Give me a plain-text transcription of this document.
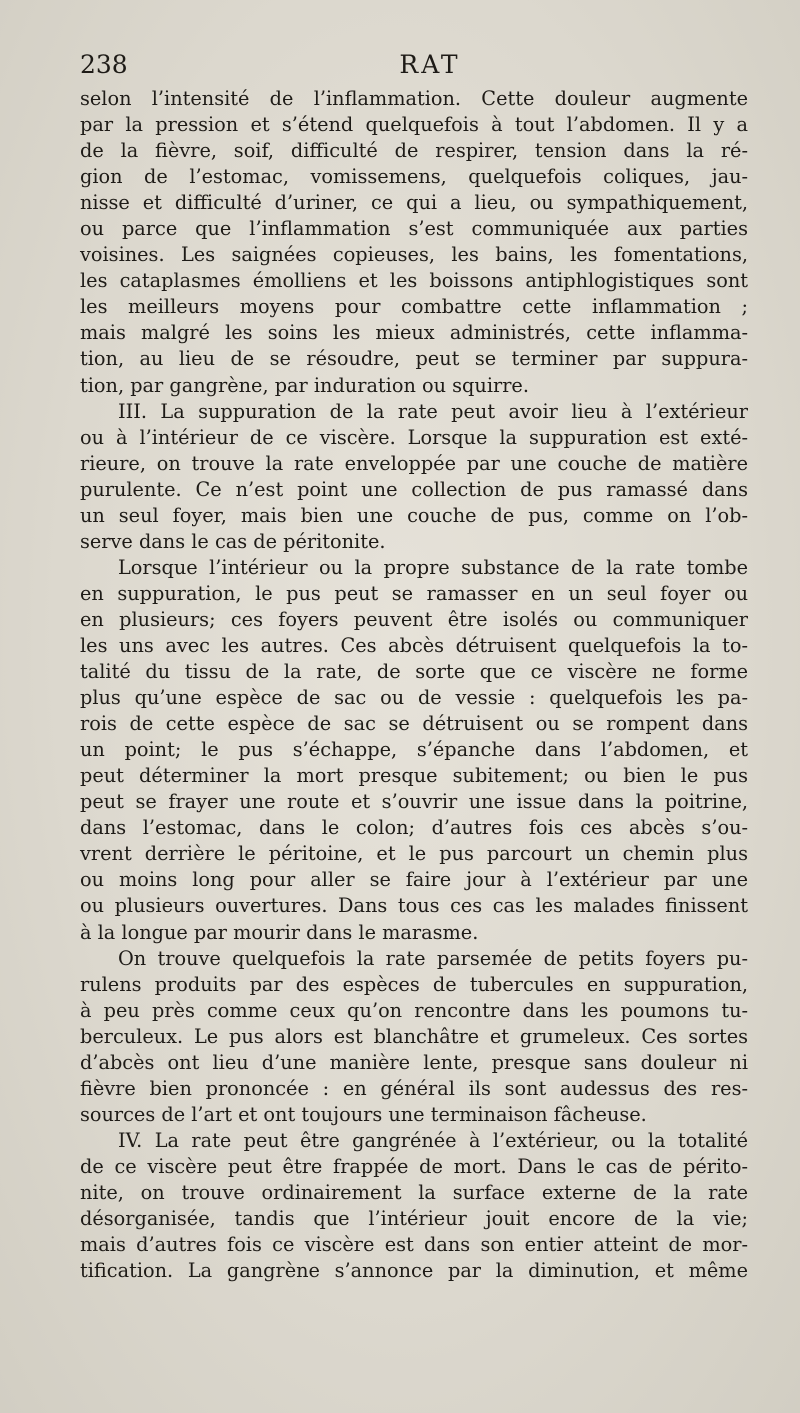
238	RAT
selon l’intensité de l’inflammation. Cette douleur augmente
par la pression et s’étend quelquefois à tout l’abdomen. Il y a
de la fièvre, soif, difficulté de respirer, tension dans la ré-
gion de l’estomac, vomissemens, quelquefois coliques, jau-
nisse et difficulté d’uriner, ce qui a lieu, ou sympathiquement,
ou parce que l’inflammation s’est communiquée aux parties
voisines. Les saignées copieuses, les bains, les fomentations,
les cataplasmes émolliens et les boissons antiphlogistiques sont
les meilleurs moyens pour combattre cette inflammation ;
mais malgré les soins les mieux administrés, cette inflamma-
tion, au lieu de se résoudre, peut se terminer par suppura-
tion, par gangrène, par induration ou squirre.
III. La suppuration de la rate peut avoir lieu à l’extérieur
ou à l’intérieur de ce viscère. Lorsque la suppuration est exté-
rieure, on trouve la rate enveloppée par une couche de matière
purulente. Ce n’est point une collection de pus ramassé dans
un seul foyer, mais bien une couche de pus, comme on l’ob-
serve dans le cas de péritonite.
Lorsque l’intérieur ou la propre substance de la rate tombe
en suppuration, le pus peut se ramasser en un seul foyer ou
en plusieurs; ces foyers peuvent être isolés ou communiquer
les uns avec les autres. Ces abcès détruisent quelquefois la to-
talité du tissu de la rate, de sorte que ce viscère ne forme
plus qu’une espèce de sac ou de vessie : quelquefois les pa-
rois de cette espèce de sac se détruisent ou se rompent dans
un point; le pus s’échappe, s’épanche dans l’abdomen, et
peut déterminer la mort presque subitement; ou bien le pus
peut se frayer une route et s’ouvrir une issue dans la poitrine,
dans l’estomac, dans le colon; d’autres fois ces abcès s’ou-
vrent derrière le péritoine, et le pus parcourt un chemin plus
ou moins long pour aller se faire jour à l’extérieur par une
ou plusieurs ouvertures. Dans tous ces cas les malades finissent
à la longue par mourir dans le marasme.
On trouve quelquefois la rate parsemée de petits foyers pu-
rulens produits par des espèces de tubercules en suppuration,
à peu près comme ceux qu’on rencontre dans les poumons tu-
berculeux. Le pus alors est blanchâtre et grumeleux. Ces sortes
d’abcès ont lieu d’une manière lente, presque sans douleur ni
fièvre bien prononcée : en général ils sont audessus des res-
sources de l’art et ont toujours une terminaison fâcheuse.
IV. La rate peut être gangrénée à l’extérieur, ou la totalité
de ce viscère peut être frappée de mort. Dans le cas de périto-
nite, on trouve ordinairement la surface externe de la rate
désorganisée, tandis que l’intérieur jouit encore de la vie;
mais d’autres fois ce viscère est dans son entier atteint de mor-
tification. La gangrène s’annonce par la diminution, et même
